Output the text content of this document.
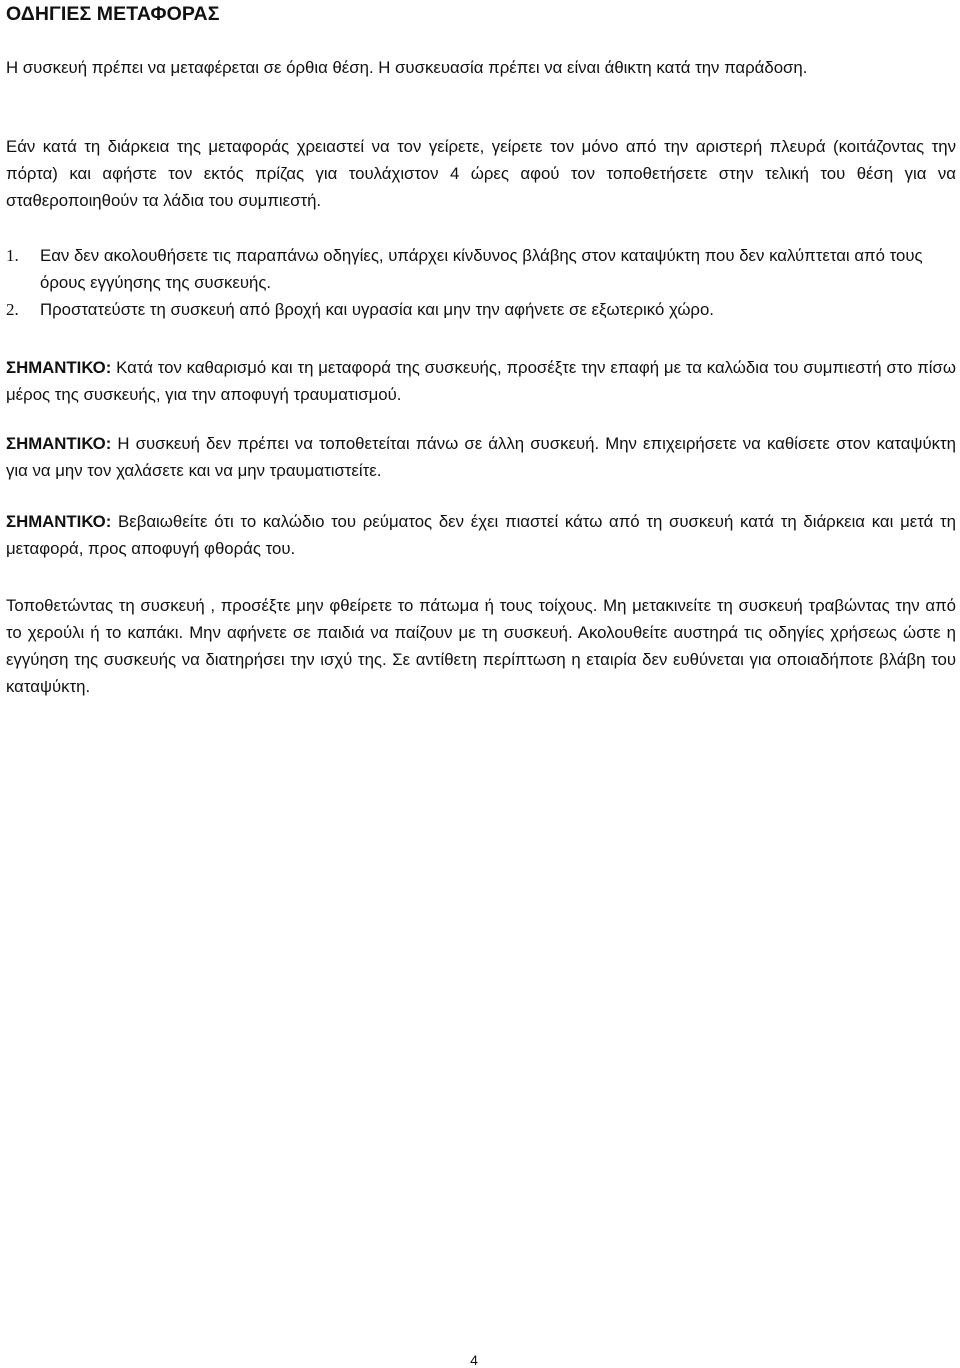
ΟΔΗΓΙΕΣ ΜΕΤΑΦΟΡΑΣ

Η συσκευή πρέπει να μεταφέρεται σε όρθια θέση. Η συσκευασία πρέπει να είναι άθικτη κατά την παράδοση.

Εάν κατά τη διάρκεια της μεταφοράς χρειαστεί να τον γείρετε, γείρετε τον μόνο από την αριστερή πλευρά (κοιτάζοντας την πόρτα) και αφήστε τον εκτός πρίζας για τουλάχιστον 4 ώρες αφού τον τοποθετήσετε στην τελική του θέση για να σταθεροποιηθούν τα λάδια του συμπιεστή.

1. Εαν δεν ακολουθήσετε τις παραπάνω οδηγίες, υπάρχει κίνδυνος βλάβης στον καταψύκτη που δεν καλύπτεται από τους όρους εγγύησης της συσκευής.
2. Προστατεύστε τη συσκευή από βροχή και υγρασία και μην την αφήνετε σε εξωτερικό χώρο.

ΣΗΜΑΝΤΙΚΟ: Κατά τον καθαρισμό και τη μεταφορά της συσκευής, προσέξτε την επαφή με τα καλώδια του συμπιεστή στο πίσω μέρος της συσκευής, για την αποφυγή τραυματισμού.

ΣΗΜΑΝΤΙΚΟ: Η συσκευή δεν πρέπει να τοποθετείται πάνω σε άλλη συσκευή. Μην επιχειρήσετε να καθίσετε στον καταψύκτη για να μην τον χαλάσετε και να μην τραυματιστείτε.

ΣΗΜΑΝΤΙΚΟ: Βεβαιωθείτε ότι το καλώδιο του ρεύματος δεν έχει πιαστεί κάτω από τη συσκευή κατά τη διάρκεια και μετά τη μεταφορά, προς αποφυγή φθοράς του.

Τοποθετώντας τη συσκευή , προσέξτε μην φθείρετε το πάτωμα ή τους τοίχους. Μη μετακινείτε τη συσκευή τραβώντας την από το χερούλι ή το καπάκι. Μην αφήνετε σε παιδιά να παίζουν με τη συσκευή. Ακολουθείτε αυστηρά τις οδηγίες χρήσεως ώστε η εγγύηση της συσκευής να διατηρήσει την ισχύ της. Σε αντίθετη περίπτωση η εταιρία δεν ευθύνεται για οποιαδήποτε βλάβη του καταψύκτη.

4
